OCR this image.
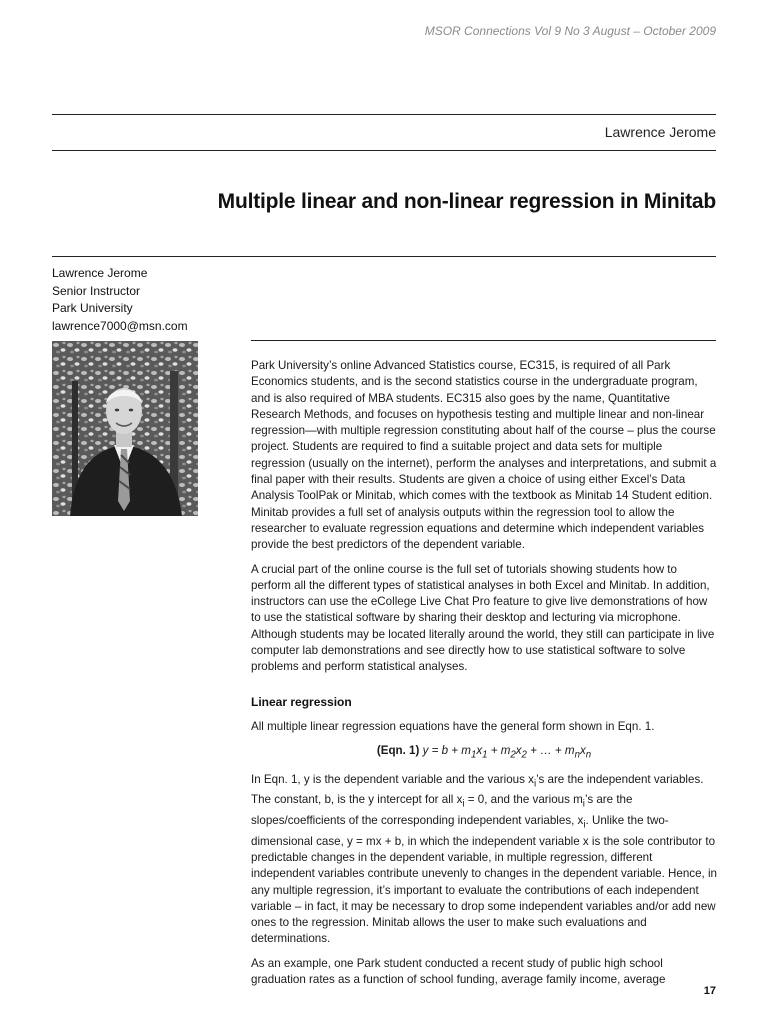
MSOR Connections Vol 9 No 3 August – October 2009
Lawrence Jerome
Multiple linear and non-linear regression in Minitab
Lawrence Jerome
Senior Instructor
Park University
lawrence7000@msn.com

Park University’s online Advanced Statistics course, EC315, is required of all Park Economics students, and is the second statistics course in the undergraduate program, and is also required of MBA students. EC315 also goes by the name, Quantitative Research Methods, and focuses on hypothesis testing and multiple linear and non-linear regression—with multiple regression constituting about half of the course – plus the course project. Students are required to find a suitable project and data sets for multiple regression (usually on the internet), perform the analyses and interpretations, and submit a final paper with their results. Students are given a choice of using either Excel’s Data Analysis ToolPak or Minitab, which comes with the textbook as Minitab 14 Student edition. Minitab provides a full set of analysis outputs within the regression tool to allow the researcher to evaluate regression equations and determine which independent variables provide the best predictors of the dependent variable.

A crucial part of the online course is the full set of tutorials showing students how to perform all the different types of statistical analyses in both Excel and Minitab. In addition, instructors can use the eCollege Live Chat Pro feature to give live demonstrations of how to use the statistical software by sharing their desktop and lecturing via microphone. Although students may be located literally around the world, they still can participate in live computer lab demonstrations and see directly how to use statistical software to solve problems and perform statistical analyses.

Linear regression

All multiple linear regression equations have the general form shown in Eqn. 1.

(Eqn. 1) $y = b + m_1x_1 + m_2x_2$ + … + $m_nx_n$

In Eqn. 1, y is the dependent variable and the various $x_i’s$ are the independent variables. The constant, b, is the y intercept for all $x_i = 0$, and the various $m_i’s$ are the slopes/coefficients of the corresponding independent variables, $x_i$. Unlike the two-dimensional case, y = mx + b, in which the independent variable x is the sole contributor to predictable changes in the dependent variable, in multiple regression, different independent variables contribute unevenly to changes in the dependent variable. Hence, in any multiple regression, it’s important to evaluate the contributions of each independent variable – in fact, it may be necessary to drop some independent variables and/or add new ones to the regression. Minitab allows the user to make such evaluations and determinations.

As an example, one Park student conducted a recent study of public high school graduation rates as a function of school funding, average family income, average

17
